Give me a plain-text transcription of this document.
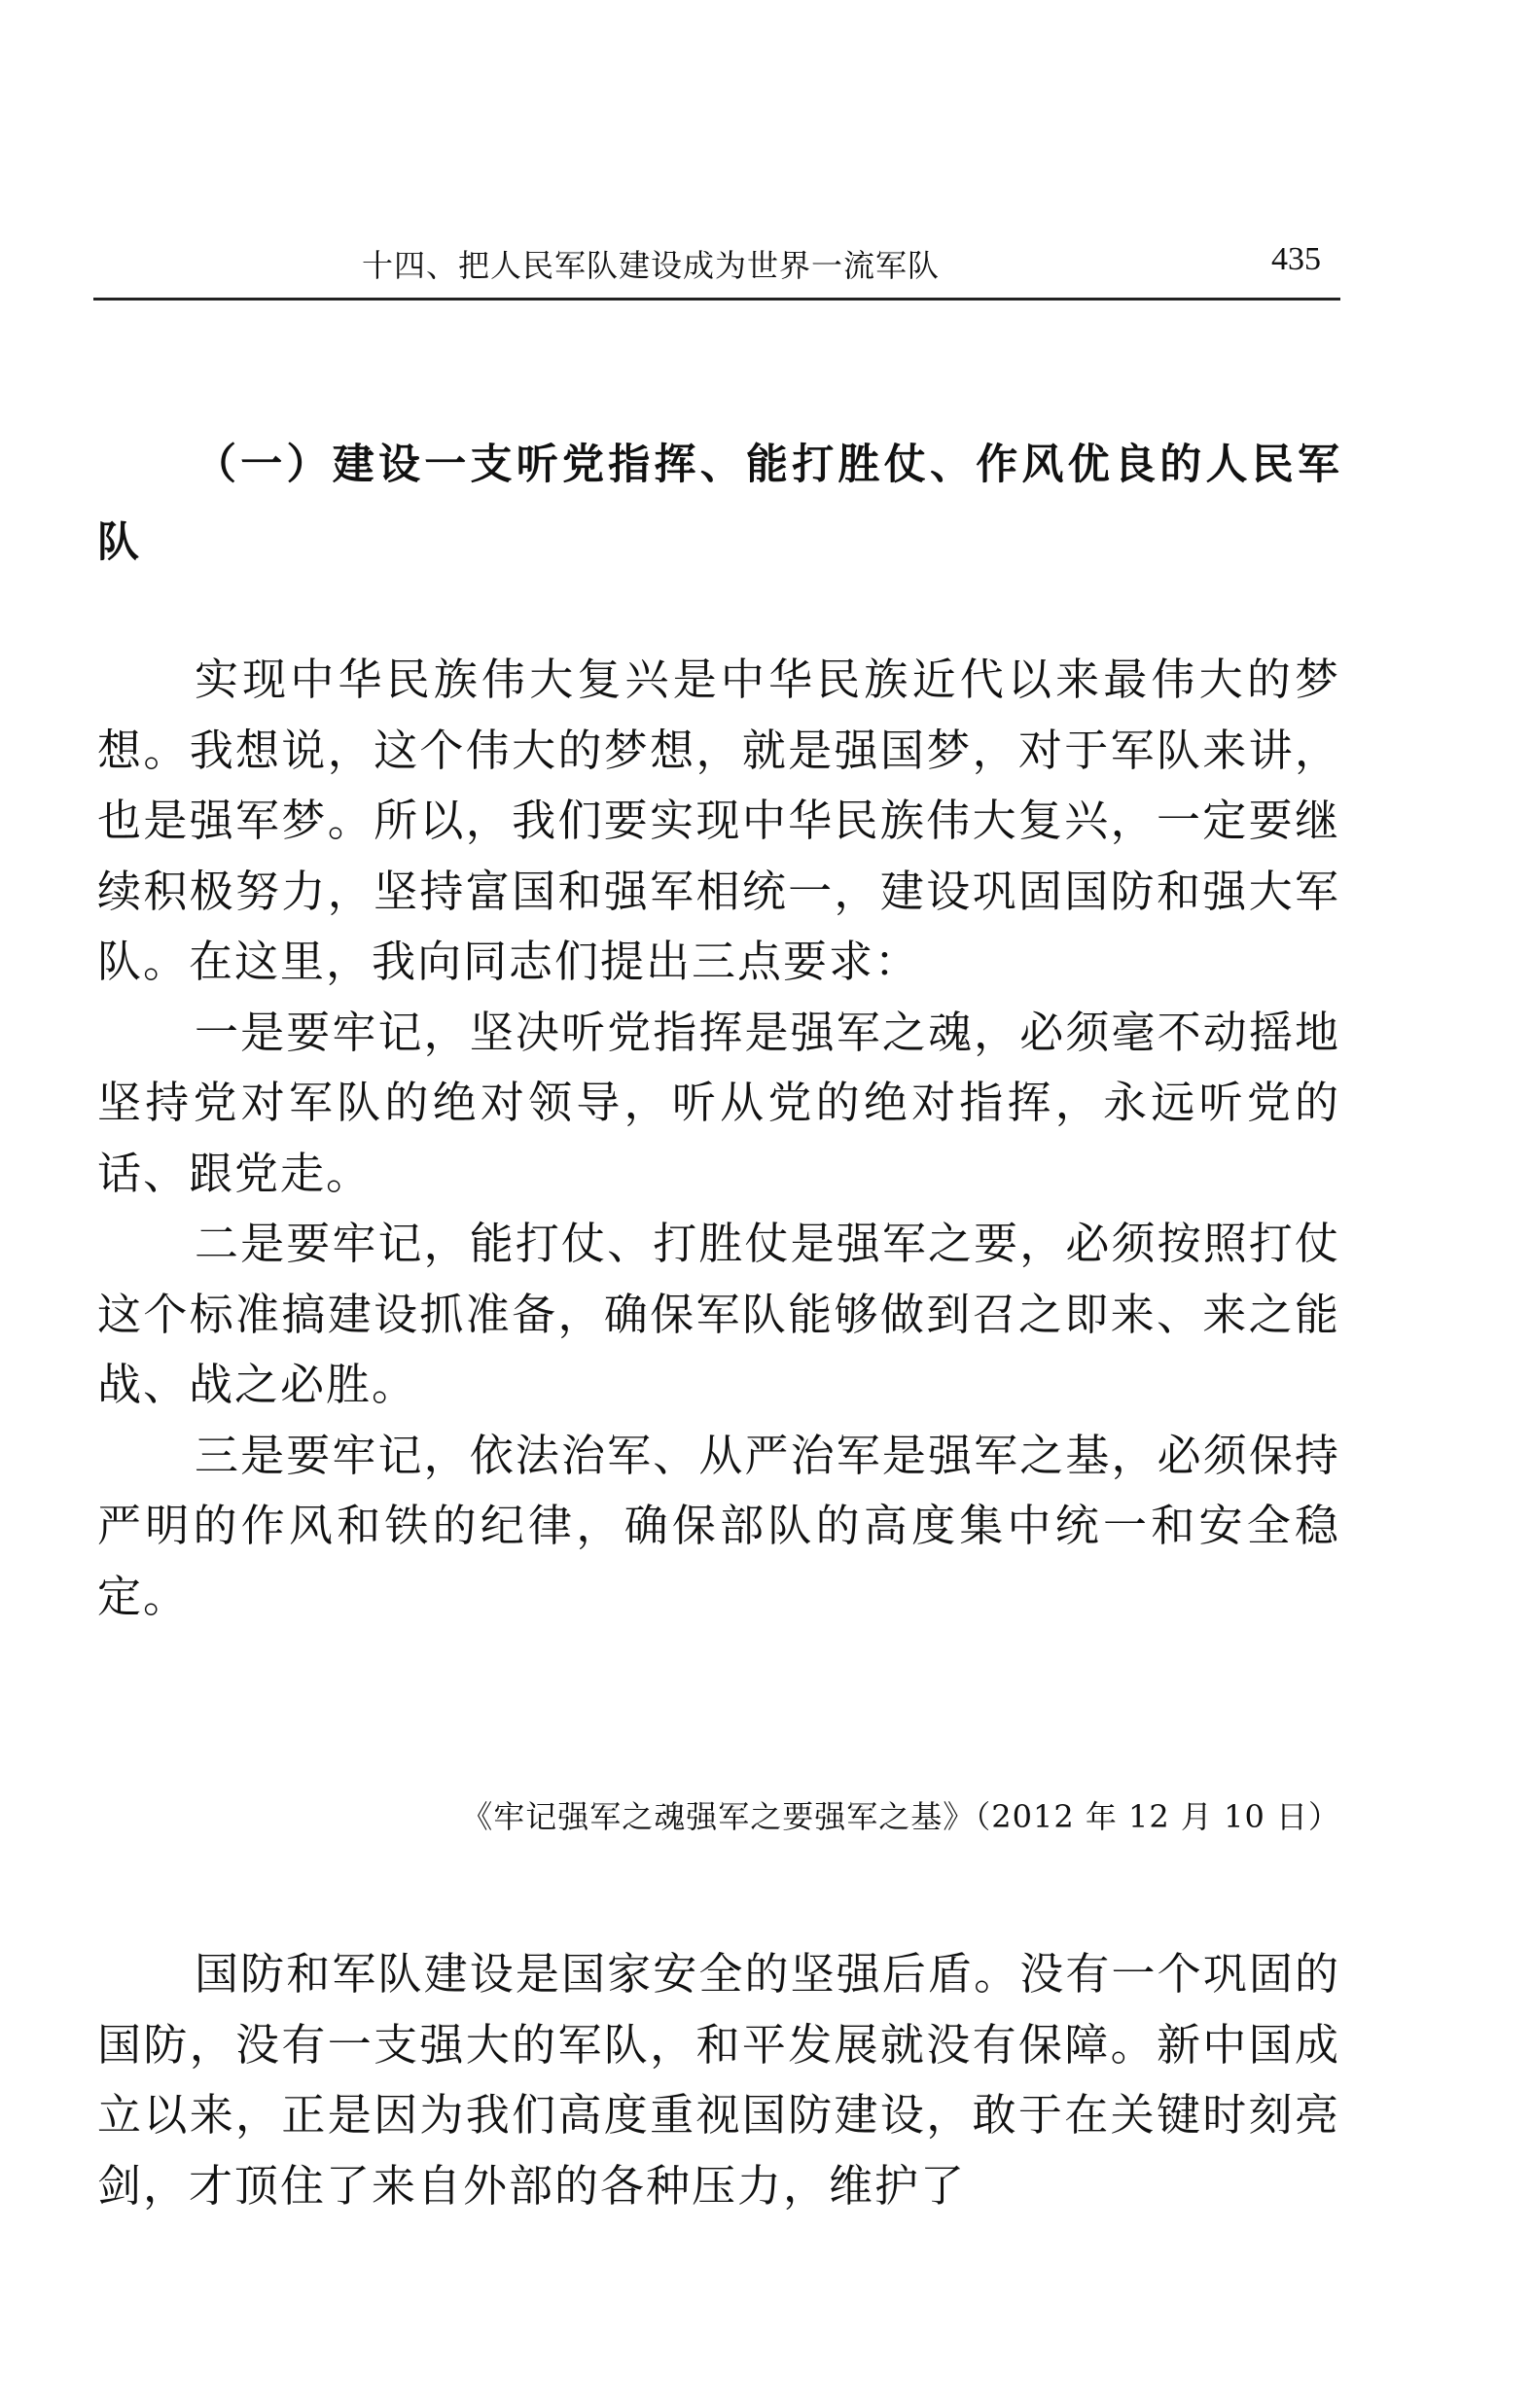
十四、把人民军队建设成为世界一流军队	435
（一）建设一支听党指挥、能打胜仗、作风优良的人民军队

实现中华民族伟大复兴是中华民族近代以来最伟大的梦想。我想说，这个伟大的梦想，就是强国梦，对于军队来讲，也是强军梦。所以，我们要实现中华民族伟大复兴，一定要继续积极努力，坚持富国和强军相统一，建设巩固国防和强大军队。在这里，我向同志们提出三点要求：

一是要牢记，坚决听党指挥是强军之魂，必须毫不动摇地坚持党对军队的绝对领导，听从党的绝对指挥，永远听党的话、跟党走。

二是要牢记，能打仗、打胜仗是强军之要，必须按照打仗这个标准搞建设抓准备，确保军队能够做到召之即来、来之能战、战之必胜。

三是要牢记，依法治军、从严治军是强军之基，必须保持严明的作风和铁的纪律，确保部队的高度集中统一和安全稳定。

《牢记强军之魂强军之要强军之基》（2012 年 12 月 10 日）

国防和军队建设是国家安全的坚强后盾。没有一个巩固的国防，没有一支强大的军队，和平发展就没有保障。新中国成立以来，正是因为我们高度重视国防建设，敢于在关键时刻亮剑，才顶住了来自外部的各种压力，维护了
